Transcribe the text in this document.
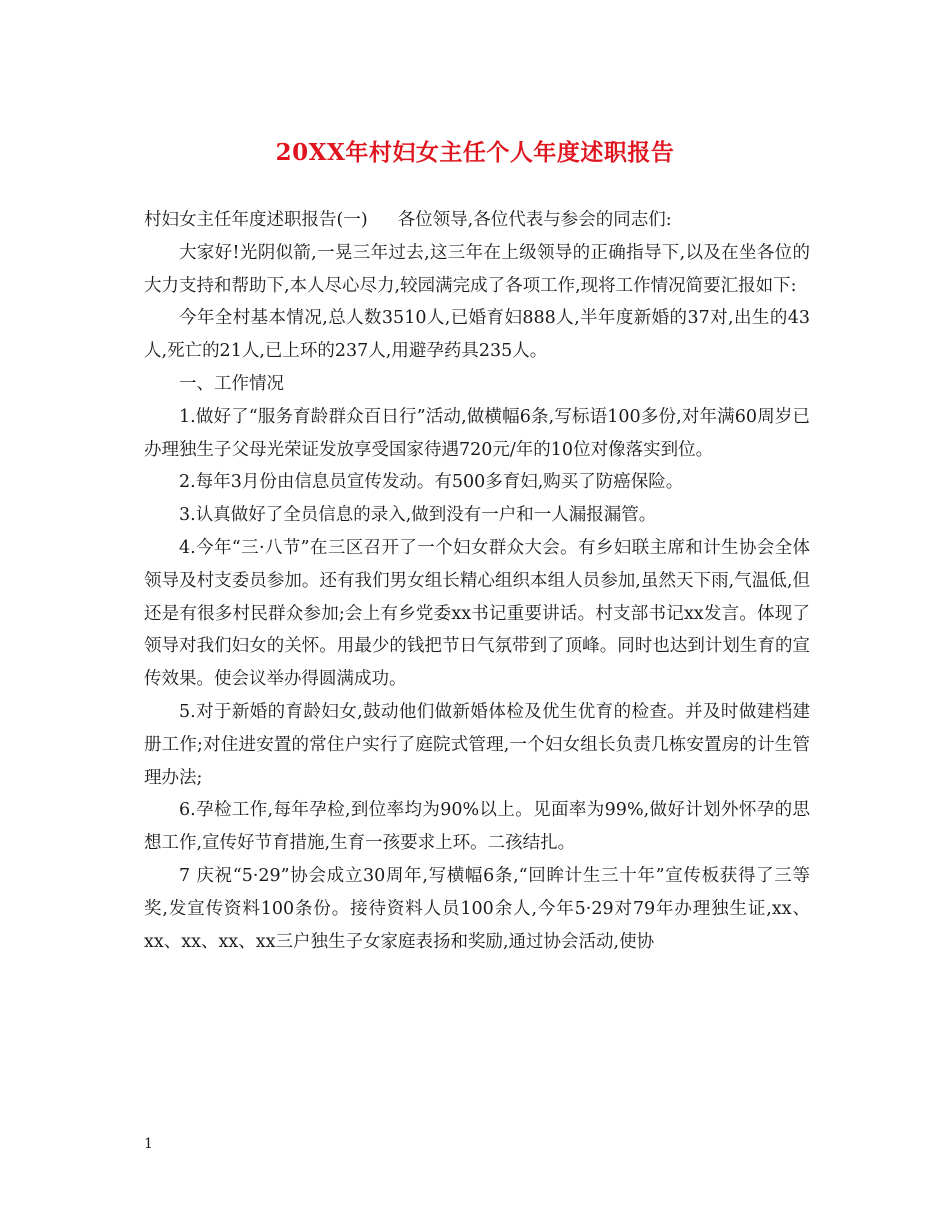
20XX年村妇女主任个人年度述职报告

村妇女主任年度述职报告(一) 各位领导,各位代表与参会的同志们:

大家好!光阴似箭,一晃三年过去,这三年在上级领导的正确指导下,以及在坐各位的大力支持和帮助下,本人尽心尽力,较园满完成了各项工作,现将工作情况简要汇报如下:

今年全村基本情况,总人数3510人,已婚育妇888人,半年度新婚的37对,出生的43人,死亡的21人,已上环的237人,用避孕药具235人。

一、工作情况

1.做好了“服务育龄群众百日行”活动,做横幅6条,写标语100多份,对年满60周岁已办理独生子父母光荣证发放享受国家待遇720元/年的10位对像落实到位。

2.每年3月份由信息员宣传发动。有500多育妇,购买了防癌保险。

3.认真做好了全员信息的录入,做到没有一户和一人漏报漏管。

4.今年“三·八节”在三区召开了一个妇女群众大会。有乡妇联主席和计生协会全体领导及村支委员参加。还有我们男女组长精心组织本组人员参加,虽然天下雨,气温低,但还是有很多村民群众参加;会上有乡党委xx书记重要讲话。村支部书记xx发言。体现了领导对我们妇女的关怀。用最少的钱把节日气氛带到了顶峰。同时也达到计划生育的宣传效果。使会议举办得圆满成功。

5.对于新婚的育龄妇女,鼓动他们做新婚体检及优生优育的检查。并及时做建档建册工作;对住进安置的常住户实行了庭院式管理,一个妇女组长负责几栋安置房的计生管理办法;

6.孕检工作,每年孕检,到位率均为90%以上。见面率为99%,做好计划外怀孕的思想工作,宣传好节育措施,生育一孩要求上环。二孩结扎。

7 庆祝“5·29”协会成立30周年,写横幅6条,“回眸计生三十年”宣传板获得了三等奖,发宣传资料100条份。接待资料人员100余人,今年5·29对79年办理独生证,xx、xx、xx、xx、xx三户独生子女家庭表扬和奖励,通过协会活动,使协

1
